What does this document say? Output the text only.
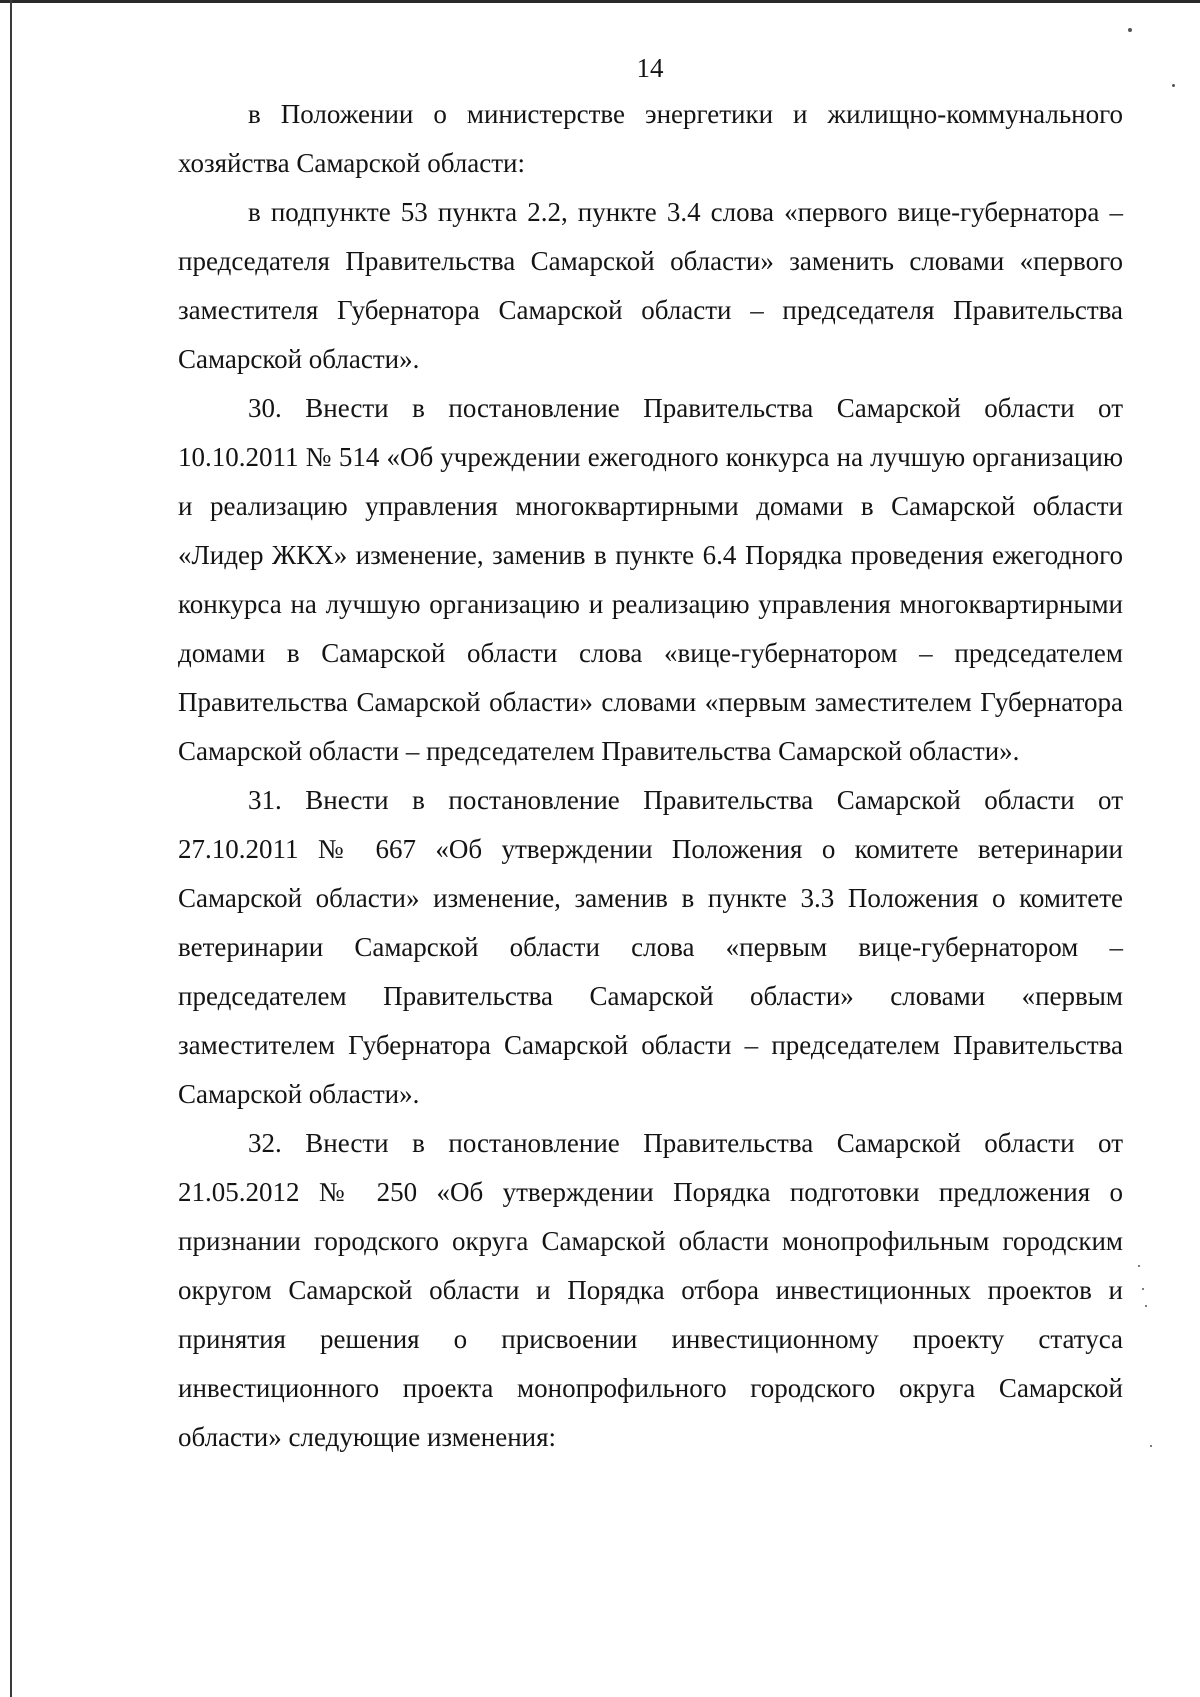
14

в Положении о министерстве энергетики и жилищно-коммунального хозяйства Самарской области:

в подпункте 53 пункта 2.2, пункте 3.4 слова «первого вице-губернатора – председателя Правительства Самарской области» заменить словами «первого заместителя Губернатора Самарской области – председателя Правительства Самарской области».

30. Внести в постановление Правительства Самарской области от 10.10.2011 № 514 «Об учреждении ежегодного конкурса на лучшую организацию и реализацию управления многоквартирными домами в Самарской области «Лидер ЖКХ» изменение, заменив в пункте 6.4 Порядка проведения ежегодного конкурса на лучшую организацию и реализацию управления многоквартирными домами в Самарской области слова «вице-губернатором – председателем Правительства Самарской области» словами «первым заместителем Губернатора Самарской области – председателем Правительства Самарской области».

31. Внести в постановление Правительства Самарской области от 27.10.2011 № 667 «Об утверждении Положения о комитете ветеринарии Самарской области» изменение, заменив в пункте 3.3 Положения о комитете ветеринарии Самарской области слова «первым вице-губернатором – председателем Правительства Самарской области» словами «первым заместителем Губернатора Самарской области – председателем Правительства Самарской области».

32. Внести в постановление Правительства Самарской области от 21.05.2012 № 250 «Об утверждении Порядка подготовки предложения о признании городского округа Самарской области монопрофильным городским округом Самарской области и Порядка отбора инвестиционных проектов и принятия решения о присвоении инвестиционному проекту статуса инвестиционного проекта монопрофильного городского округа Самарской области» следующие изменения:
